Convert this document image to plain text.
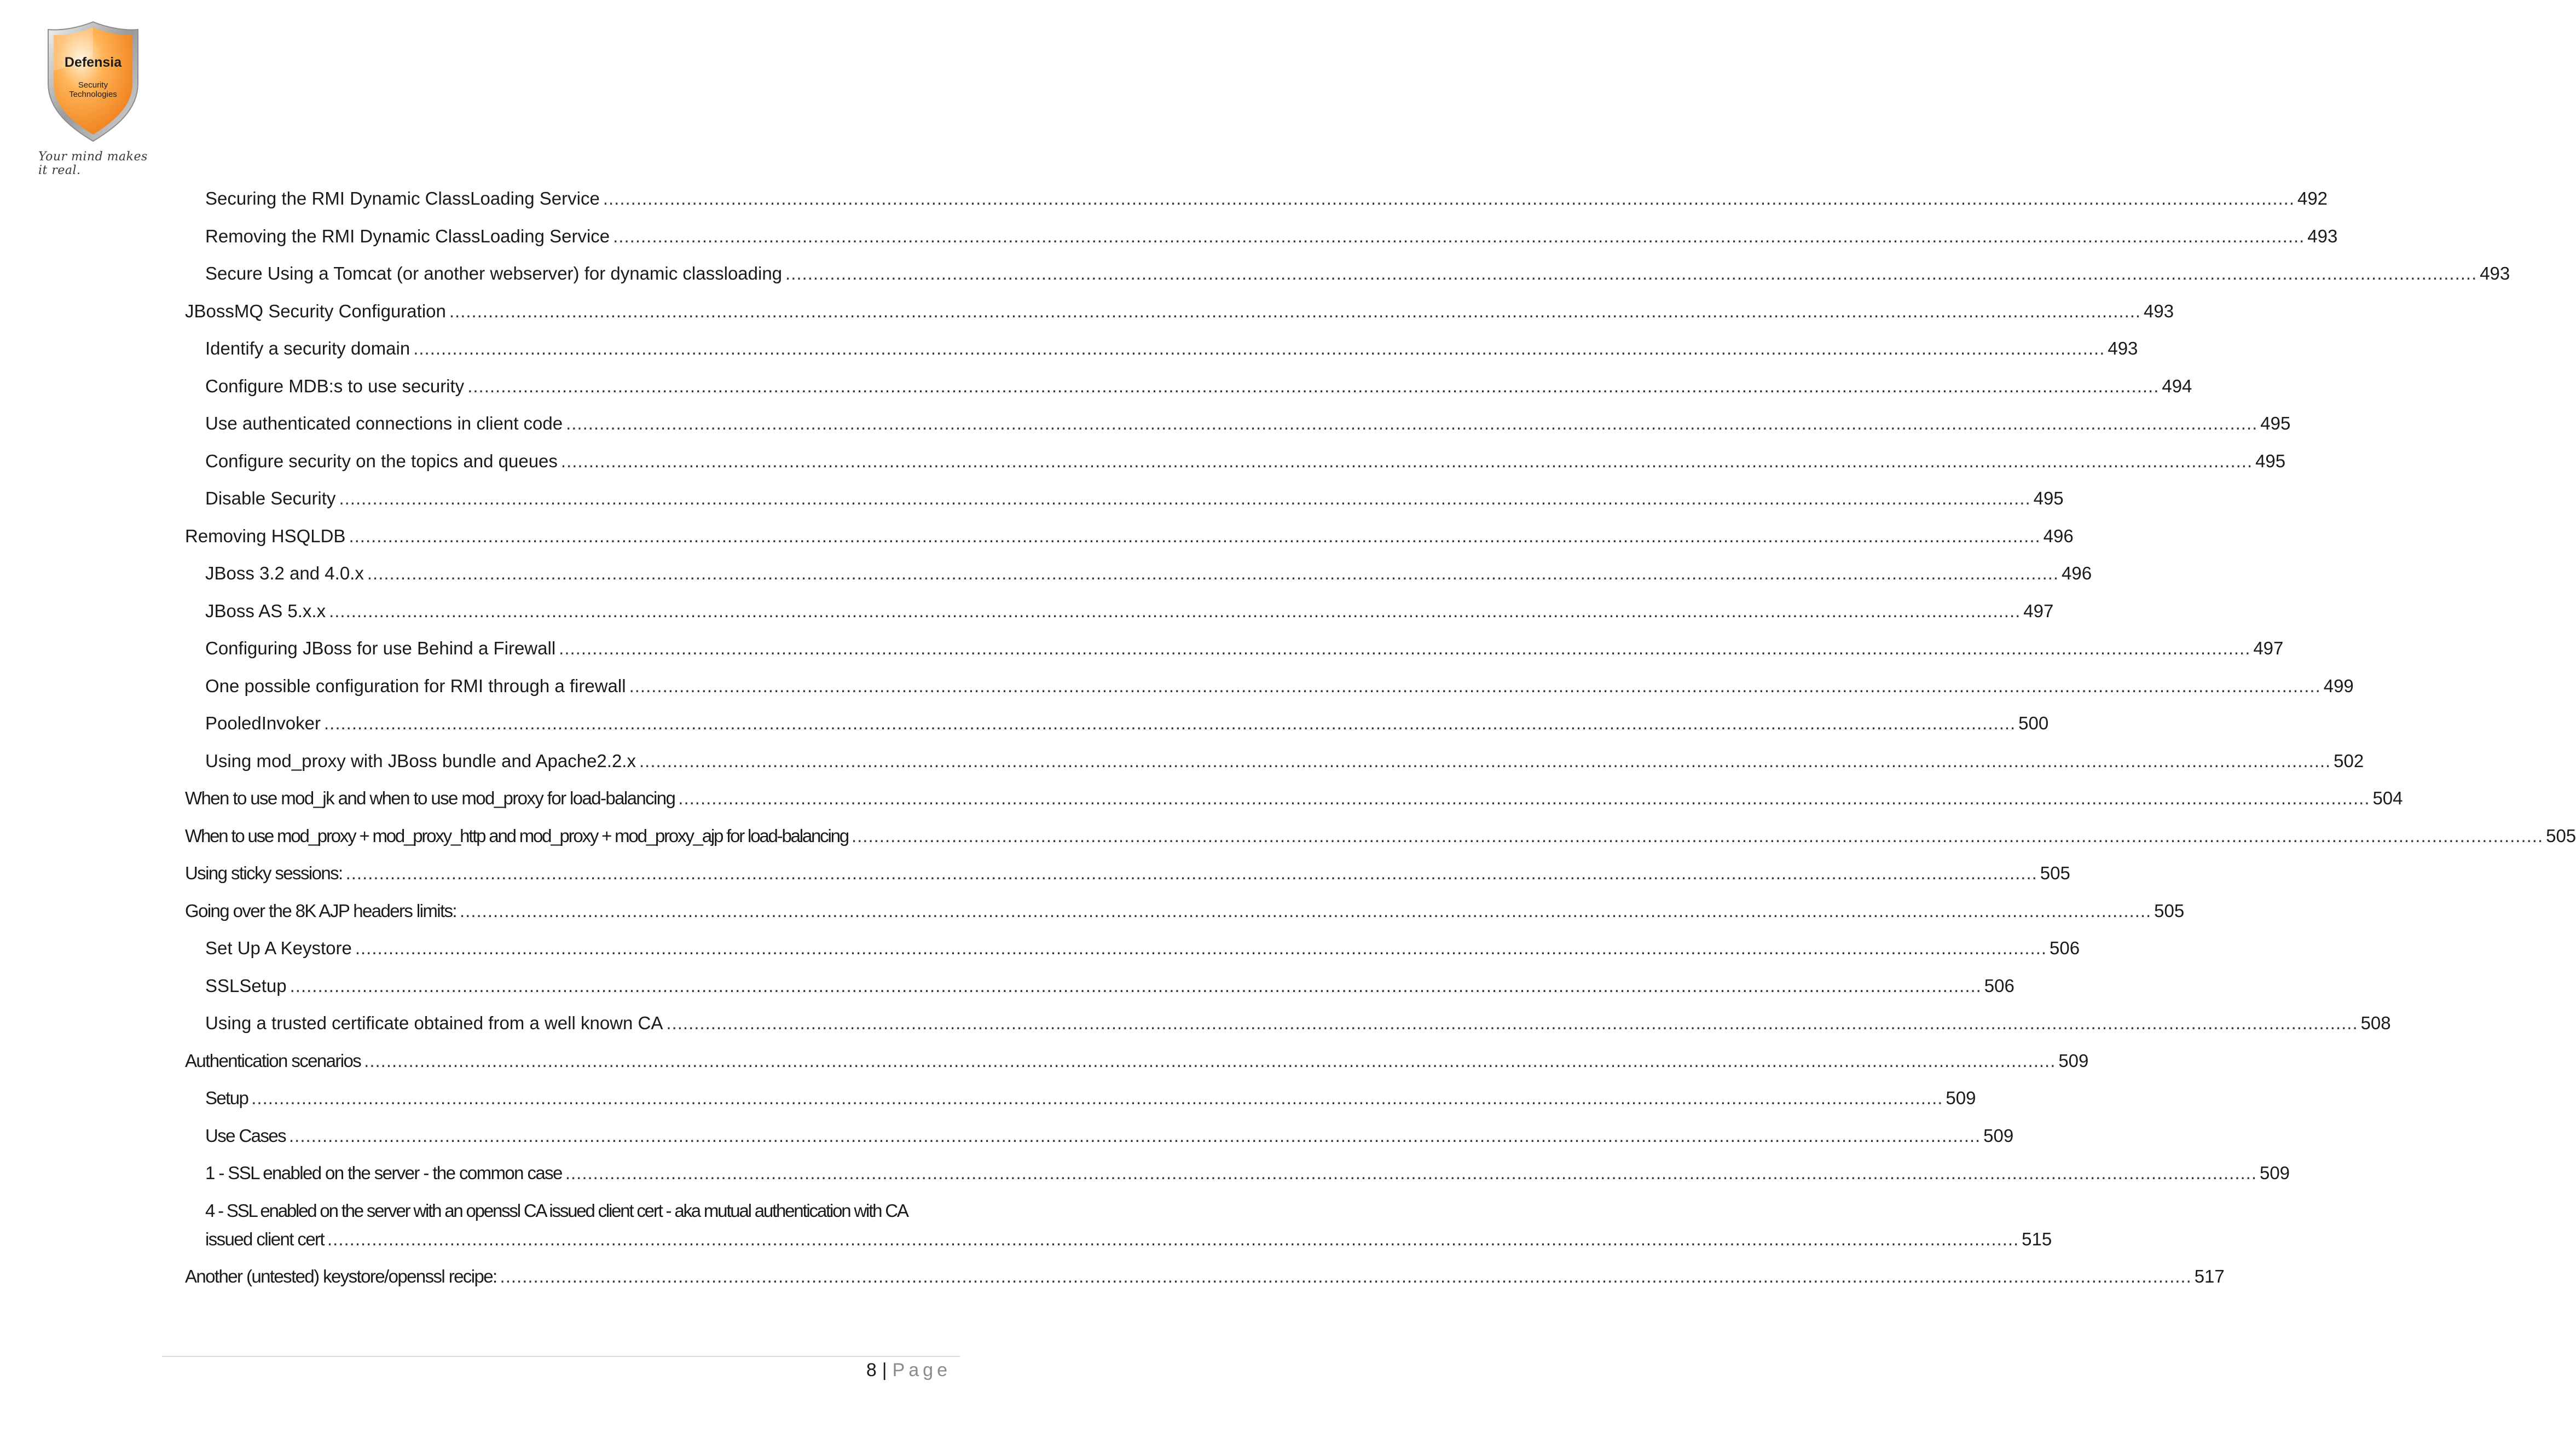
Defensia
Security
Technologies
Your mind makes it real.
Securing the RMI Dynamic ClassLoading Service .....	492
Removing the RMI Dynamic ClassLoading Service .....	493
Secure Using a Tomcat (or another webserver) for dynamic classloading .....	493
JBossMQ Security Configuration .....	493
Identify a security domain .....	493
Configure MDB:s to use security .....	494
Use authenticated connections in client code .....	495
Configure security on the topics and queues .....	495
Disable Security .....	495
Removing HSQLDB .....	496
JBoss 3.2 and 4.0.x .....	496
JBoss AS 5.x.x .....	497
Configuring JBoss for use Behind a Firewall .....	497
One possible configuration for RMI through a firewall .....	499
PooledInvoker .....	500
Using mod_proxy with JBoss bundle and Apache2.2.x .....	502
When to use mod_jk and when to use mod_proxy for load-balancing .....	504
When to use mod_proxy + mod_proxy_http and mod_proxy + mod_proxy_ajp for load-balancing .....	505
Using sticky sessions: .....	505
Going over the 8K AJP headers limits: .....	505
Set Up A Keystore .....	506
SSLSetup .....	506
Using a trusted certificate obtained from a well known CA .....	508
Authentication scenarios .....	509
Setup .....	509
Use Cases .....	509
1 - SSL enabled on the server - the common case .....	509
4 - SSL enabled on the server with an openssl CA issued client cert - aka mutual authentication with CA
issued client cert .....	515
Another (untested) keystore/openssl recipe: .....	517
8 | Page
